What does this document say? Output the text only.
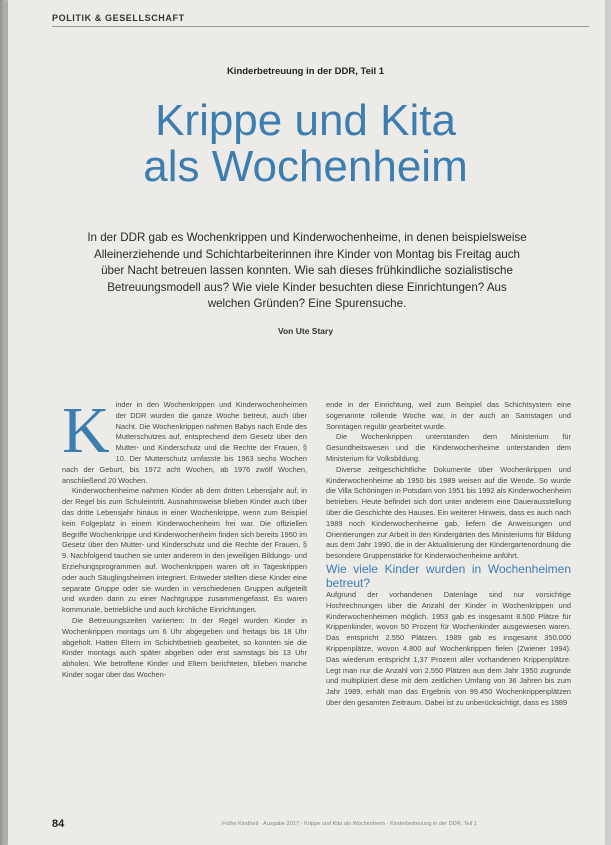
POLITIK & GESELLSCHAFT
Kinderbetreuung in der DDR, Teil 1
Krippe und Kita
als Wochenheim
In der DDR gab es Wochenkrippen und Kinderwochenheime, in denen beispielsweise Alleinerziehende und Schichtarbeiterinnen ihre Kinder von Montag bis Freitag auch über Nacht betreuen lassen konnten. Wie sah dieses frühkindliche sozialistische Betreuungsmodell aus? Wie viele Kinder besuchten diese Einrichtungen? Aus welchen Gründen? Eine Spurensuche.
Von Ute Stary
K inder in den Wochenkrippen und Kinderwochenheimen der DDR wurden die ganze Woche betreut, auch über Nacht. Die Wochenkrippen nahmen Babys nach Ende des Mutterschutzes auf, entsprechend dem Gesetz über den Mutter- und Kinderschutz und die Rechte der Frauen, § 10. Der Mutterschutz umfasste bis 1963 sechs Wochen nach der Geburt, bis 1972 acht Wochen, ab 1976 zwölf Wochen, anschließend 20 Wochen.

Kinderwochenheime nahmen Kinder ab dem dritten Lebensjahr auf, in der Regel bis zum Schuleintritt. Ausnahmsweise blieben Kinder auch über das dritte Lebensjahr hinaus in einer Wochenkrippe, wenn zum Beispiel kein Folgeplatz in einem Kinderwochenheim frei war. Die offiziellen Begriffe Wochenkrippe und Kinderwochenheim finden sich bereits 1950 im Gesetz über den Mutter- und Kinderschutz und die Rechte der Frauen, § 9. Nachfolgend tauchen sie unter anderem in den jeweiligen Bildungs- und Erziehungsprogrammen auf. Wochenkrippen waren oft in Tageskrippen oder auch Säuglingsheimen integriert. Entweder stellten diese Kinder eine separate Gruppe oder sie wurden in verschiedenen Gruppen aufgeteilt und wurden dann zu einer Nachtgruppe zusammengefasst. Es waren kommunale, betriebliche und auch kirchliche Einrichtungen.

Die Betreuungszeiten variierten: In der Regel wurden Kinder in Wochenkrippen montags um 6 Uhr abgegeben und freitags bis 18 Uhr abgeholt. Hatten Eltern im Schichtbetrieb gearbeitet, so konnten sie die Kinder montags auch später abgeben oder erst samstags bis 13 Uhr abholen. Wie betroffene Kinder und Eltern berichteten, blieben manche Kinder sogar über das Wochen-

ende in der Einrichtung, weil zum Beispiel das Schichtsystem eine sogenannte rollende Woche war, in der auch an Samstagen und Sonntagen regulär gearbeitet wurde.

Die Wochenkrippen unterstanden dem Ministerium für Gesundheitswesen und die Kinderwochenheime unterstanden dem Ministerium für Volksbildung.

Diverse zeitgeschichtliche Dokumente über Wochenkrippen und Kinderwochenheime ab 1950 bis 1989 weisen auf die Wende. So wurde die Villa Schöningen in Potsdam von 1951 bis 1992 als Kinderwochenheim betrieben. Heute befindet sich dort unter anderem eine Dauerausstellung über die Geschichte des Hauses. Ein weiterer Hinweis, dass es auch nach 1989 noch Kinderwochenheime gab, liefern die Anweisungen und Orientierungen zur Arbeit in den Kindergärten des Ministeriums für Bildung aus dem Jahr 1990, die in der Aktualisierung der Kindergartenordnung die besondere Gruppenstärke für Kinderwochenheime anführt.

Wie viele Kinder wurden in Wochenheimen betreut?

Aufgrund der vorhandenen Datenlage sind nur vorsichtige Hochrechnungen über die Anzahl der Kinder in Wochenkrippen und Kinderwochenheimen möglich. 1953 gab es insgesamt 8.500 Plätze für Krippenkinder, wovon 50 Prozent für Wochenkinder ausgewiesen waren. Das entspricht 2.550 Plätzen. 1989 gab es insgesamt 350.000 Krippenplätze, wovon 4.800 auf Wochenkrippen fielen (Zwiener 1994). Das wiederum entspricht 1,37 Prozent aller vorhandenen Krippenplätze. Legt man nur die Anzahl von 2.550 Plätzen aus dem Jahr 1950 zugrunde und multipliziert diese mit dem zeitlichen Umfang von 36 Jahren bis zum Jahr 1989, erhält man das Ergebnis von 99.450 Wochenkrippenplätzen über den gesamten Zeitraum. Dabei ist zu unberücksichtigt, dass es 1989

84	Frühe Kindheit · Ausgabe 2017 · Krippe und Kita als Wochenheim · Kinderbetreuung in der DDR, Teil 1
